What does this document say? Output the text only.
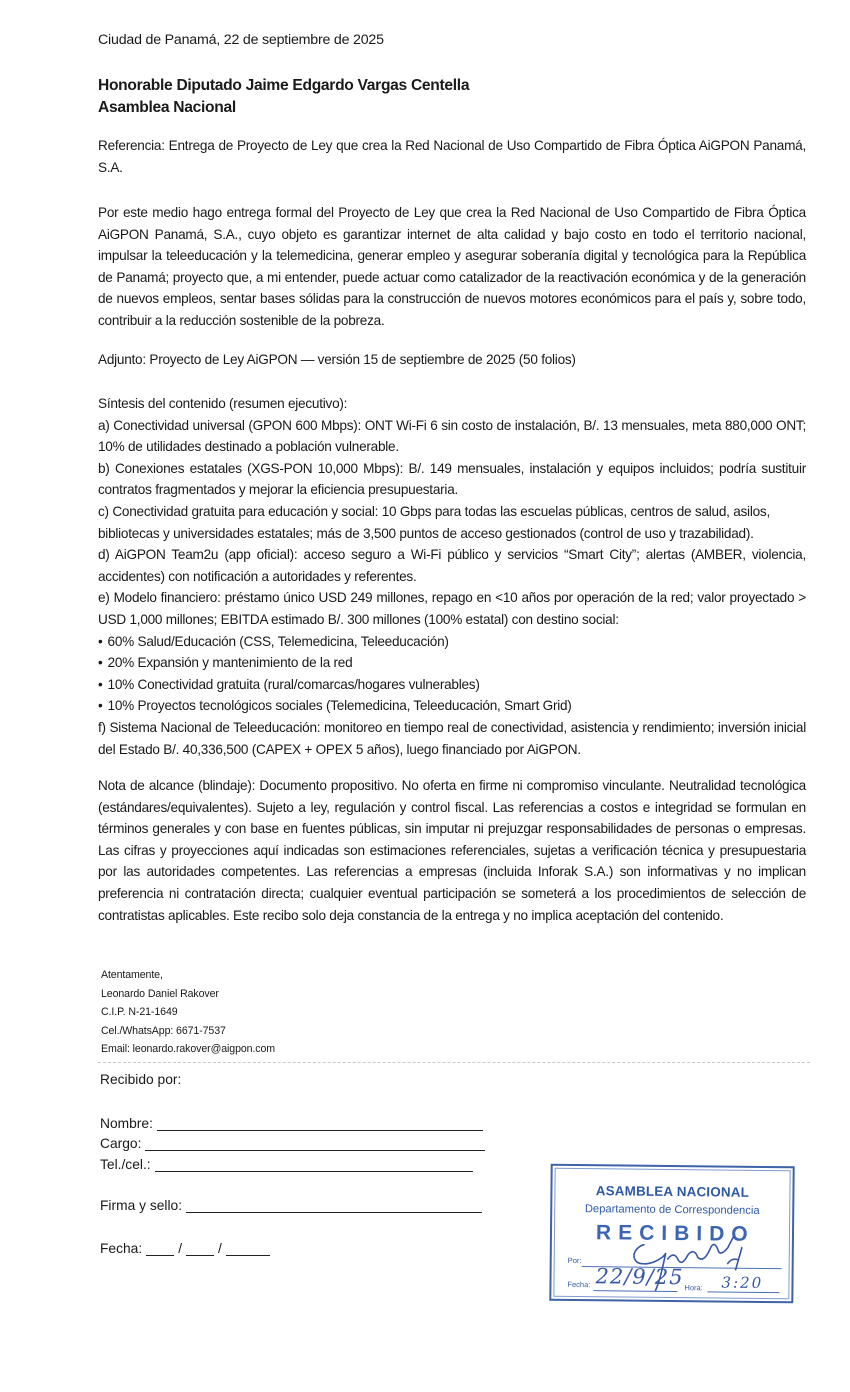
Ciudad de Panamá, 22 de septiembre de 2025
Honorable Diputado Jaime Edgardo Vargas Centella
Asamblea Nacional
Referencia: Entrega de Proyecto de Ley que crea la Red Nacional de Uso Compartido de Fibra Óptica AiGPON Panamá, S.A.
Por este medio hago entrega formal del Proyecto de Ley que crea la Red Nacional de Uso Compartido de Fibra Óptica AiGPON Panamá, S.A., cuyo objeto es garantizar internet de alta calidad y bajo costo en todo el territorio nacional, impulsar la teleeducación y la telemedicina, generar empleo y asegurar soberanía digital y tecnológica para la República de Panamá; proyecto que, a mi entender, puede actuar como catalizador de la reactivación económica y de la generación de nuevos empleos, sentar bases sólidas para la construcción de nuevos motores económicos para el país y, sobre todo, contribuir a la reducción sostenible de la pobreza.
Adjunto: Proyecto de Ley AiGPON — versión 15 de septiembre de 2025 (50 folios)
Síntesis del contenido (resumen ejecutivo):
a) Conectividad universal (GPON 600 Mbps): ONT Wi-Fi 6 sin costo de instalación, B/. 13 mensuales, meta 880,000 ONT; 10% de utilidades destinado a población vulnerable.
b) Conexiones estatales (XGS-PON 10,000 Mbps): B/. 149 mensuales, instalación y equipos incluidos; podría sustituir contratos fragmentados y mejorar la eficiencia presupuestaria.
c) Conectividad gratuita para educación y social: 10 Gbps para todas las escuelas públicas, centros de salud, asilos, bibliotecas y universidades estatales; más de 3,500 puntos de acceso gestionados (control de uso y trazabilidad).
d) AiGPON Team2u (app oficial): acceso seguro a Wi-Fi público y servicios “Smart City”; alertas (AMBER, violencia, accidentes) con notificación a autoridades y referentes.
e) Modelo financiero: préstamo único USD 249 millones, repago en <10 años por operación de la red; valor proyectado > USD 1,000 millones; EBITDA estimado B/. 300 millones (100% estatal) con destino social:
• 60% Salud/Educación (CSS, Telemedicina, Teleeducación)
• 20% Expansión y mantenimiento de la red
• 10% Conectividad gratuita (rural/comarcas/hogares vulnerables)
• 10% Proyectos tecnológicos sociales (Telemedicina, Teleeducación, Smart Grid)
f) Sistema Nacional de Teleeducación: monitoreo en tiempo real de conectividad, asistencia y rendimiento; inversión inicial del Estado B/. 40,336,500 (CAPEX + OPEX 5 años), luego financiado por AiGPON.
Nota de alcance (blindaje): Documento propositivo. No oferta en firme ni compromiso vinculante. Neutralidad tecnológica (estándares/equivalentes). Sujeto a ley, regulación y control fiscal. Las referencias a costos e integridad se formulan en términos generales y con base en fuentes públicas, sin imputar ni prejuzgar responsabilidades de personas o empresas. Las cifras y proyecciones aquí indicadas son estimaciones referenciales, sujetas a verificación técnica y presupuestaria por las autoridades competentes. Las referencias a empresas (incluida Inforak S.A.) son informativas y no implican preferencia ni contratación directa; cualquier eventual participación se someterá a los procedimientos de selección de contratistas aplicables. Este recibo solo deja constancia de la entrega y no implica aceptación del contenido.
Atentamente,
Leonardo Daniel Rakover
C.I.P. N-21-1649
Cel./WhatsApp: 6671-7537
Email: leonardo.rakover@aigpon.com
Recibido por:
Nombre:
Cargo:
Tel./cel.:
Firma y sello:
Fecha:	/	/
ASAMBLEA NACIONAL
Departamento de Correspondencia
RECIBIDO
Por:
Fecha: 22/9/25 Hora: 3:20
